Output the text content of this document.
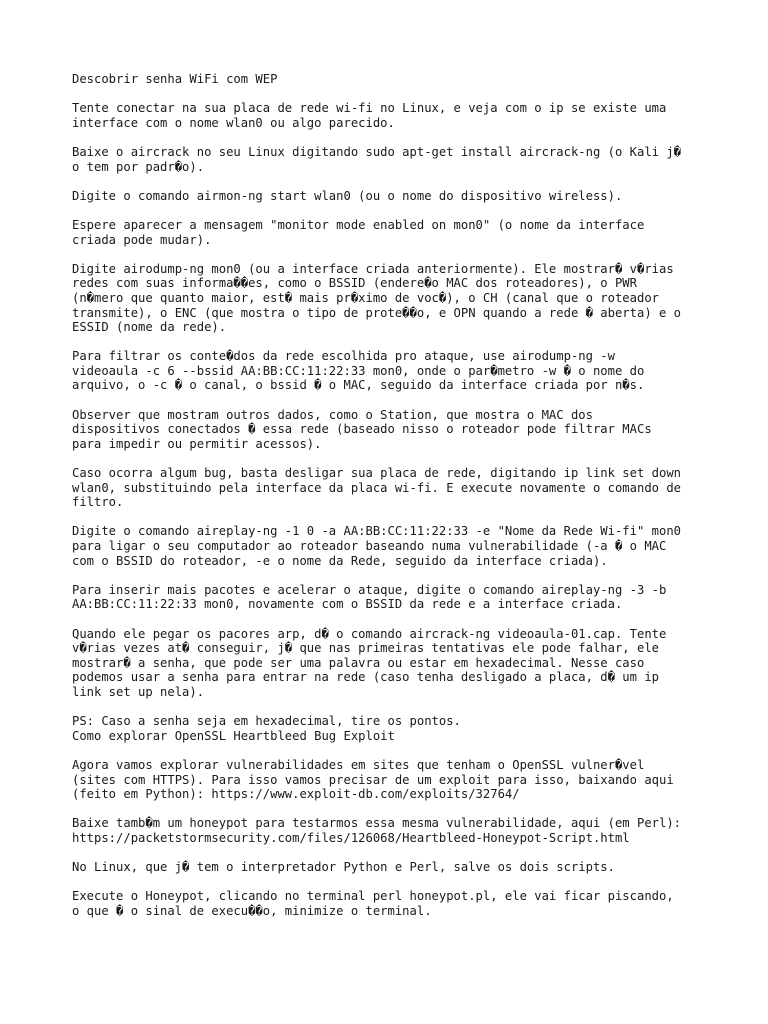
Descobrir senha WiFi com WEP

Tente conectar na sua placa de rede wi-fi no Linux, e veja com o ip se existe uma
interface com o nome wlan0 ou algo parecido.

Baixe o aircrack no seu Linux digitando sudo apt-get install aircrack-ng (o Kali j�
o tem por padr�o).

Digite o comando airmon-ng start wlan0 (ou o nome do dispositivo wireless).

Espere aparecer a mensagem "monitor mode enabled on mon0" (o nome da interface
criada pode mudar).

Digite airodump-ng mon0 (ou a interface criada anteriormente). Ele mostrar� v�rias
redes com suas informa��es, como o BSSID (endere�o MAC dos roteadores), o PWR
(n�mero que quanto maior, est� mais pr�ximo de voc�), o CH (canal que o roteador
transmite), o ENC (que mostra o tipo de prote��o, e OPN quando a rede � aberta) e o
ESSID (nome da rede).

Para filtrar os conte�dos da rede escolhida pro ataque, use airodump-ng -w
videoaula -c 6 --bssid AA:BB:CC:11:22:33 mon0, onde o par�metro -w � o nome do
arquivo, o -c � o canal, o bssid � o MAC, seguido da interface criada por n�s.

Observer que mostram outros dados, como o Station, que mostra o MAC dos
dispositivos conectados � essa rede (baseado nisso o roteador pode filtrar MACs
para impedir ou permitir acessos).

Caso ocorra algum bug, basta desligar sua placa de rede, digitando ip link set down
wlan0, substituindo pela interface da placa wi-fi. E execute novamente o comando de
filtro.

Digite o comando aireplay-ng -1 0 -a AA:BB:CC:11:22:33 -e "Nome da Rede Wi-fi" mon0
para ligar o seu computador ao roteador baseando numa vulnerabilidade (-a � o MAC
com o BSSID do roteador, -e o nome da Rede, seguido da interface criada).

Para inserir mais pacotes e acelerar o ataque, digite o comando aireplay-ng -3 -b
AA:BB:CC:11:22:33 mon0, novamente com o BSSID da rede e a interface criada.

Quando ele pegar os pacores arp, d� o comando aircrack-ng videoaula-01.cap. Tente
v�rias vezes at� conseguir, j� que nas primeiras tentativas ele pode falhar, ele
mostrar� a senha, que pode ser uma palavra ou estar em hexadecimal. Nesse caso
podemos usar a senha para entrar na rede (caso tenha desligado a placa, d� um ip
link set up nela).

PS: Caso a senha seja em hexadecimal, tire os pontos.
Como explorar OpenSSL Heartbleed Bug Exploit

Agora vamos explorar vulnerabilidades em sites que tenham o OpenSSL vulner�vel
(sites com HTTPS). Para isso vamos precisar de um exploit para isso, baixando aqui
(feito em Python): https://www.exploit-db.com/exploits/32764/

Baixe tamb�m um honeypot para testarmos essa mesma vulnerabilidade, aqui (em Perl):
https://packetstormsecurity.com/files/126068/Heartbleed-Honeypot-Script.html

No Linux, que j� tem o interpretador Python e Perl, salve os dois scripts.

Execute o Honeypot, clicando no terminal perl honeypot.pl, ele vai ficar piscando,
o que � o sinal de execu��o, minimize o terminal.
